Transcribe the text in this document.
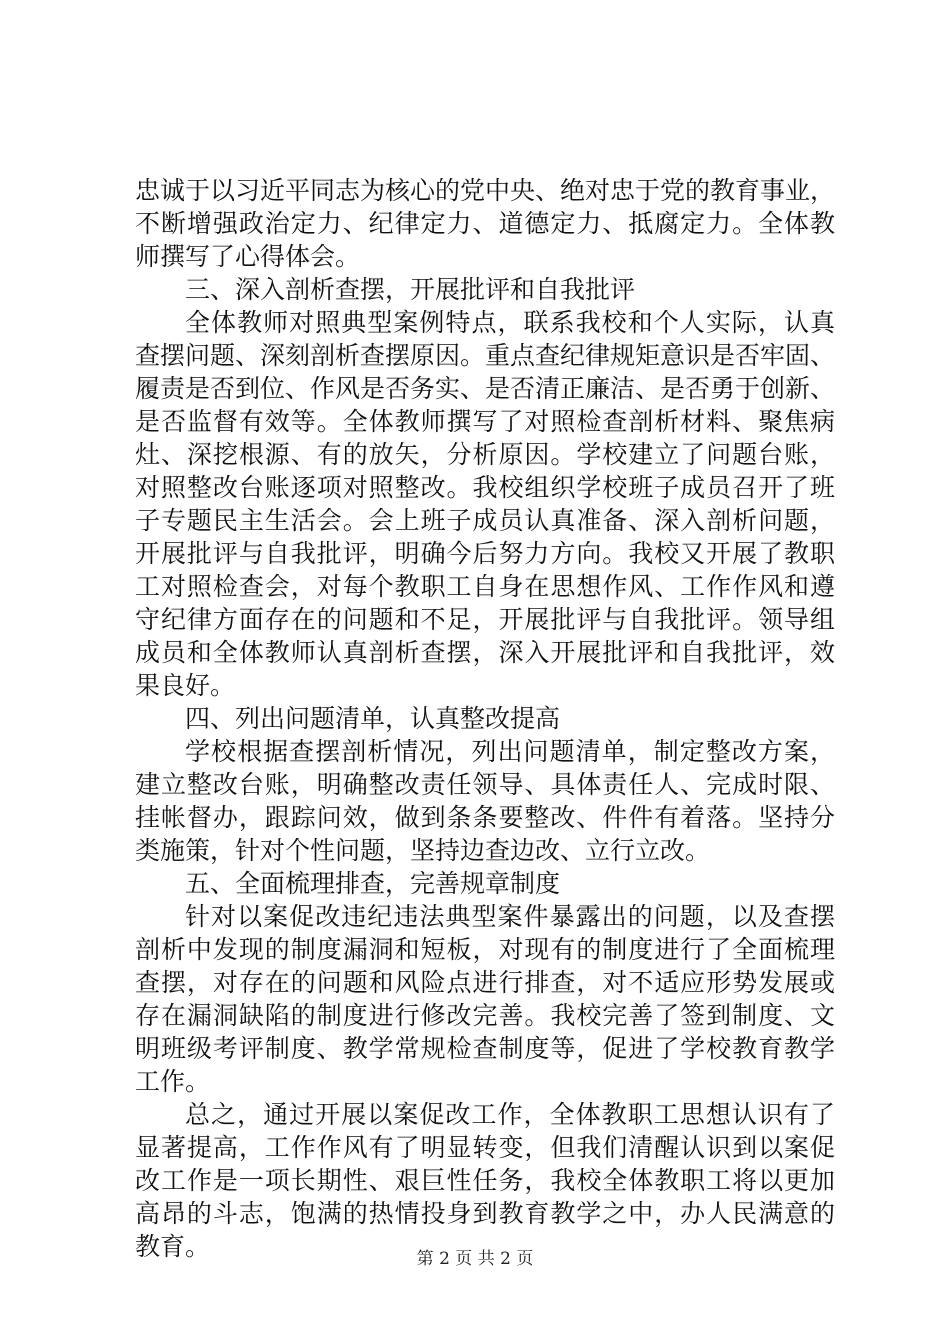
忠诚于以习近平同志为核心的党中央、绝对忠于党的教育事业，
不断增强政治定力、纪律定力、道德定力、抵腐定力。全体教
师撰写了心得体会。
三、深入剖析查摆，开展批评和自我批评
全体教师对照典型案例特点，联系我校和个人实际，认真
查摆问题、深刻剖析查摆原因。重点查纪律规矩意识是否牢固、
履责是否到位、作风是否务实、是否清正廉洁、是否勇于创新、
是否监督有效等。全体教师撰写了对照检查剖析材料、聚焦病
灶、深挖根源、有的放矢，分析原因。学校建立了问题台账，
对照整改台账逐项对照整改。我校组织学校班子成员召开了班
子专题民主生活会。会上班子成员认真准备、深入剖析问题，
开展批评与自我批评，明确今后努力方向。我校又开展了教职
工对照检查会，对每个教职工自身在思想作风、工作作风和遵
守纪律方面存在的问题和不足，开展批评与自我批评。领导组
成员和全体教师认真剖析查摆，深入开展批评和自我批评，效
果良好。
四、列出问题清单，认真整改提高
学校根据查摆剖析情况，列出问题清单，制定整改方案，
建立整改台账，明确整改责任领导、具体责任人、完成时限、
挂帐督办，跟踪问效，做到条条要整改、件件有着落。坚持分
类施策，针对个性问题，坚持边查边改、立行立改。
五、全面梳理排查，完善规章制度
针对以案促改违纪违法典型案件暴露出的问题，以及查摆
剖析中发现的制度漏洞和短板，对现有的制度进行了全面梳理
查摆，对存在的问题和风险点进行排查，对不适应形势发展或
存在漏洞缺陷的制度进行修改完善。我校完善了签到制度、文
明班级考评制度、教学常规检查制度等，促进了学校教育教学
工作。
总之，通过开展以案促改工作，全体教职工思想认识有了
显著提高，工作作风有了明显转变，但我们清醒认识到以案促
改工作是一项长期性、艰巨性任务，我校全体教职工将以更加
高昂的斗志，饱满的热情投身到教育教学之中，办人民满意的
教育。	第 2 页 共 2 页
